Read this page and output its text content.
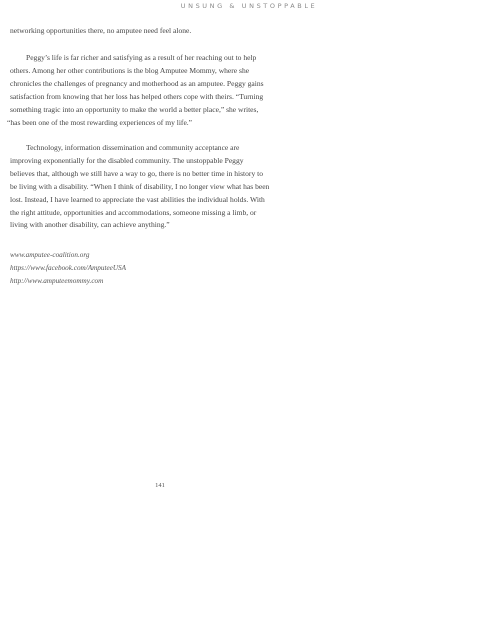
UNSUNG & UNSTOPPABLE

networking opportunities there, no amputee need feel alone.

Peggy’s life is far richer and satisfying as a result of her reaching out to help
others. Among her other contributions is the blog Amputee Mommy, where she
chronicles the challenges of pregnancy and motherhood as an amputee. Peggy gains
satisfaction from knowing that her loss has helped others cope with theirs. “Turning
something tragic into an opportunity to make the world a better place,” she writes,
“has been one of the most rewarding experiences of my life.”

Technology, information dissemination and community acceptance are
improving exponentially for the disabled community. The unstoppable Peggy
believes that, although we still have a way to go, there is no better time in history to
be living with a disability. “When I think of disability, I no longer view what has been
lost. Instead, I have learned to appreciate the vast abilities the individual holds. With
the right attitude, opportunities and accommodations, someone missing a limb, or
living with another disability, can achieve anything.”

www.amputee-coalition.org
https://www.facebook.com/AmputeeUSA
http://www.amputeemommy.com
141
